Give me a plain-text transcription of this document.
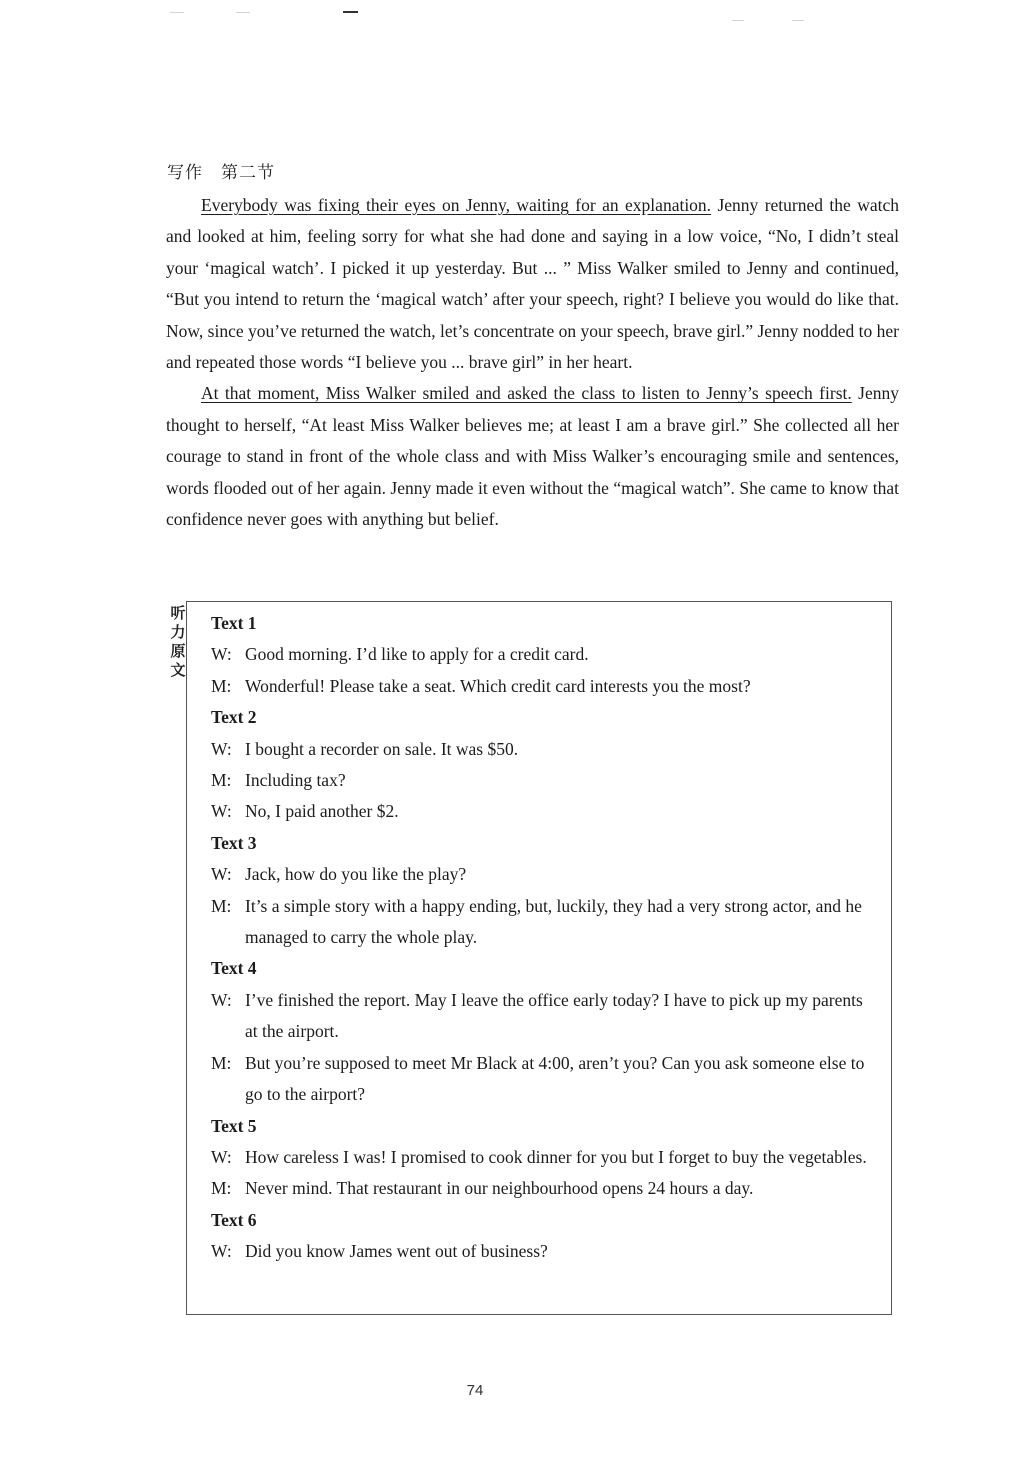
写作　第二节

Everybody was fixing their eyes on Jenny, waiting for an explanation. Jenny returned the watch and looked at him, feeling sorry for what she had done and saying in a low voice, “No, I didn’t steal your ‘magical watch’. I picked it up yesterday. But ... ” Miss Walker smiled to Jenny and continued, “But you intend to return the ‘magical watch’ after your speech, right? I believe you would do like that. Now, since you’ve returned the watch, let’s concentrate on your speech, brave girl.” Jenny nodded to her and repeated those words “I believe you ... brave girl” in her heart.

At that moment, Miss Walker smiled and asked the class to listen to Jenny’s speech first. Jenny thought to herself, “At least Miss Walker believes me; at least I am a brave girl.” She collected all her courage to stand in front of the whole class and with Miss Walker’s encouraging smile and sentences, words flooded out of her again. Jenny made it even without the “magical watch”. She came to know that confidence never goes with anything but belief.

听力原文
Text 1
W: Good morning. I’d like to apply for a credit card.
M: Wonderful! Please take a seat. Which credit card interests you the most?
Text 2
W: I bought a recorder on sale. It was $50.
M: Including tax?
W: No, I paid another $2.
Text 3
W: Jack, how do you like the play?
M: It’s a simple story with a happy ending, but, luckily, they had a very strong actor, and he managed to carry the whole play.
Text 4
W: I’ve finished the report. May I leave the office early today? I have to pick up my parents at the airport.
M: But you’re supposed to meet Mr Black at 4:00, aren’t you? Can you ask someone else to go to the airport?
Text 5
W: How careless I was! I promised to cook dinner for you but I forget to buy the vegetables.
M: Never mind. That restaurant in our neighbourhood opens 24 hours a day.
Text 6
W: Did you know James went out of business?
74
